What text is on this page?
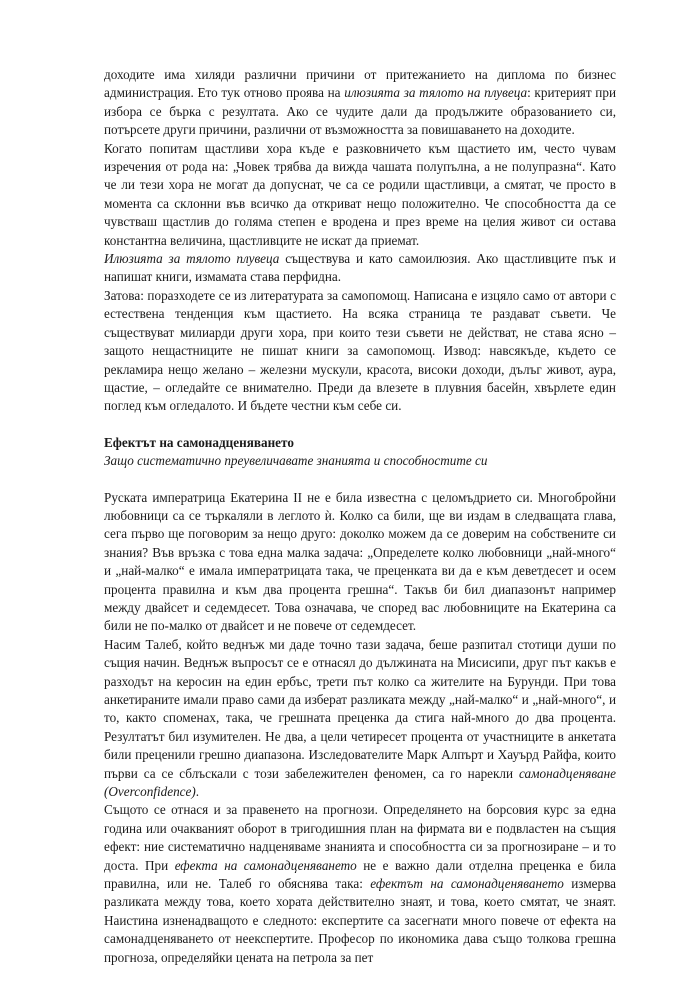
доходите има хиляди различни причини от притежанието на диплома по бизнес администрация. Ето тук отново проява на илюзията за тялото на плувеца: критерият при избора се бърка с резултата. Ако се чудите дали да продължите образованието си, потърсете други причини, различни от възможността за повишаването на доходите.

Когато попитам щастливи хора къде е разковничето към щастието им, често чувам изречения от рода на: „Човек трябва да вижда чашата полупълна, а не полупразна“. Като че ли тези хора не могат да допуснат, че са се родили щастливци, а смятат, че просто в момента са склонни във всичко да откриват нещо положително. Че способността да се чувстваш щастлив до голяма степен е вродена и през време на целия живот си остава константна величина, щастливците не искат да приемат.

Илюзията за тялото плувеца съществува и като самоилюзия. Ако щастливците пък и напишат книги, измамата става перфидна.

Затова: поразходете се из литературата за самопомощ. Написана е изцяло само от автори с естествена тенденция към щастието. На всяка страница те раздават съвети. Че съществуват милиарди други хора, при които тези съвети не действат, не става ясно – защото нещастниците не пишат книги за самопомощ. Извод: навсякъде, където се рекламира нещо желано – железни мускули, красота, високи доходи, дълъг живот, аура, щастие, – огледайте се внимателно. Преди да влезете в плувния басейн, хвърлете един поглед към огледалото. И бъдете честни към себе си.

Ефектът на самонадценяването

Защо систематично преувеличавате знанията и способностите си

Руската императрица Екатерина II не е била известна с целомъдрието си. Многобройни любовници са се търкаляли в леглото ѝ. Колко са били, ще ви издам в следващата глава, сега първо ще поговорим за нещо друго: доколко можем да се доверим на собствените си знания? Във връзка с това една малка задача: „Определете колко любовници „най-много“ и „най-малко“ е имала императрицата така, че преценката ви да е към деветдесет и осем процента правилна и към два процента грешна“. Такъв би бил диапазонът например между двайсет и седемдесет. Това означава, че според вас любовниците на Екатерина са били не по-малко от двайсет и не повече от седемдесет.

Насим Талеб, който веднъж ми даде точно тази задача, беше разпитал стотици души по същия начин. Веднъж въпросът се е отнасял до дължината на Мисисипи, друг път какъв е разходът на керосин на един ербъс, трети път колко са жителите на Бурунди. При това анкетираните имали право сами да изберат разликата между „най-малко“ и „най-много“, и то, както споменах, така, че грешната преценка да стига най-много до два процента. Резултатът бил изумителен. Не два, а цели четиресет процента от участниците в анкетата били преценили грешно диапазона. Изследователите Марк Алпърт и Хауърд Райфа, които първи са се сблъскали с този забележителен феномен, са го нарекли самонадценяване (Overconfidence).

Същото се отнася и за правенето на прогнози. Определянето на борсовия курс за една година или очакваният оборот в тригодишния план на фирмата ви е подвластен на същия ефект: ние систематично надценяваме знанията и способността си за прогнозиране – и то доста. При ефекта на самонадценяването не е важно дали отделна преценка е била правилна, или не. Талеб го обяснява така: ефектът на самонадценяването измерва разликата между това, което хората действително знаят, и това, което смятат, че знаят. Наистина изненадващото е следното: експертите са засегнати много повече от ефекта на самонадценяването от неекспертите. Професор по икономика дава също толкова грешна прогноза, определяйки цената на петрола за пет
